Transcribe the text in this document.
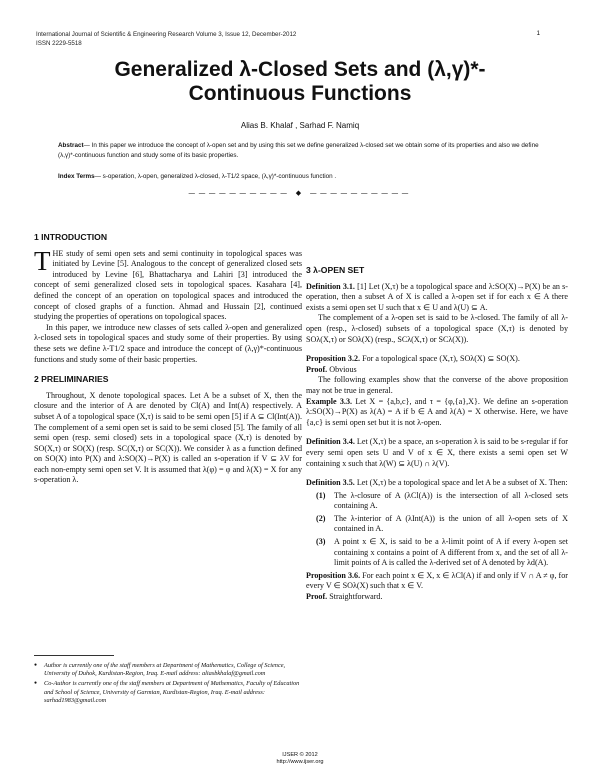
International Journal of Scientific & Engineering Research Volume 3, Issue 12, December-2012
ISSN 2229-5518
1
Generalized λ-Closed Sets and (λ,γ)*-
Continuous Functions
Alias B. Khalaf , Sarhad F. Namiq
Abstract— In this paper we introduce the concept of λ-open set and by using this set we define generalized λ-closed set we obtain some of its properties and also we define (λ,γ)*-continuous function and study some of its basic properties.
Index Terms— s-operation, λ-open, generalized λ-closed, λ-T1/2 space, (λ,γ)*-continuous function .
—————————— ◆ ——————————
1 INTRODUCTION

THE study of semi open sets and semi continuity in topological spaces was initiated by Levine [5]. Analogous to the concept of generalized closed sets introduced by Levine [6], Bhattacharya and Lahiri [3] introduced the concept of semi generalized closed sets in topological spaces. Kasahara [4], defined the concept of an operation on topological spaces and introduced the concept of closed graphs of a function. Ahmad and Hussain [2], continued studying the properties of operations on topological spaces.

In this paper, we introduce new classes of sets called λ-open and generalized λ-closed sets in topological spaces and study some of their properties. By using these sets we define λ-T1/2 space and introduce the concept of (λ,γ)*-continuous functions and study some of their basic properties.

2 PRELIMINARIES

Throughout, X denote topological spaces. Let A be a subset of X, then the closure and the interior of A are denoted by Cl(A) and Int(A) respectively. A subset A of a topological space (X,τ) is said to be semi open [5] if A ⊆ Cl(Int(A)). The complement of a semi open set is said to be semi closed [5]. The family of all semi open (resp. semi closed) sets in a topological space (X,τ) is denoted by SO(X,τ) or SO(X) (resp. SC(X,τ) or SC(X)). We consider λ as a function defined on SO(X) into P(X) and λ:SO(X)→P(X) is called an s-operation if V ⊆ λV for each non-empty semi open set V. It is assumed that λ(φ) = φ and λ(X) = X for any s-operation λ.

● Author is currently one of the staff members at Department of Mathematics, College of Science, University of Duhok, Kurdistan-Region, Iraq. E-mail address: aliasbkhalaf@gmail.com
● Co-Author is currently one of the staff members at Department of Mathematics, Faculty of Education and School of Science, University of Garmian, Kurdistan-Region, Iraq. E-mail address: sarhad1983@gmail.com
3 λ-OPEN SET

Definition 3.1. [1] Let (X,τ) be a topological space and λ:SO(X)→P(X) be an s-operation, then a subset A of X is called a λ-open set if for each x ∈ A there exists a semi open set U such that x ∈ U and λ(U) ⊆ A.

The complement of a λ-open set is said to be λ-closed. The family of all λ-open (resp., λ-closed) subsets of a topological space (X,τ) is denoted by SOλ(X,τ) or SOλ(X) (resp., SCλ(X,τ) or SCλ(X)).

Proposition 3.2. For a topological space (X,τ), SOλ(X) ⊆ SO(X).

Proof. Obvious

The following examples show that the converse of the above proposition may not be true in general.

Example 3.3. Let X = {a,b,c}, and τ = {φ,{a},X}. We define an s-operation λ:SO(X)→P(X) as λ(A) = A if b ∈ A and λ(A) = X otherwise. Here, we have {a,c} is semi open set but it is not λ-open.

Definition 3.4. Let (X,τ) be a space, an s-operation λ is said to be s-regular if for every semi open sets U and V of x ∈ X, there exists a semi open set W containing x such that λ(W) ⊆ λ(U) ∩ λ(V).

Definition 3.5. Let (X,τ) be a topological space and let A be a subset of X. Then:

(1) The λ-closure of A (λCl(A)) is the intersection of all λ-closed sets containing A.
(2) The λ-interior of A (λInt(A)) is the union of all λ-open sets of X contained in A.
(3) A point x ∈ X, is said to be a λ-limit point of A if every λ-open set containing x contains a point of A different from x, and the set of all λ-limit points of A is called the λ-derived set of A denoted by λd(A).

Proposition 3.6. For each point x ∈ X, x ∈ λCl(A) if and only if V ∩ A ≠ φ, for every V ∈ SOλ(X) such that x ∈ V.

Proof. Straightforward.

IJSER © 2012
http://www.ijser.org
